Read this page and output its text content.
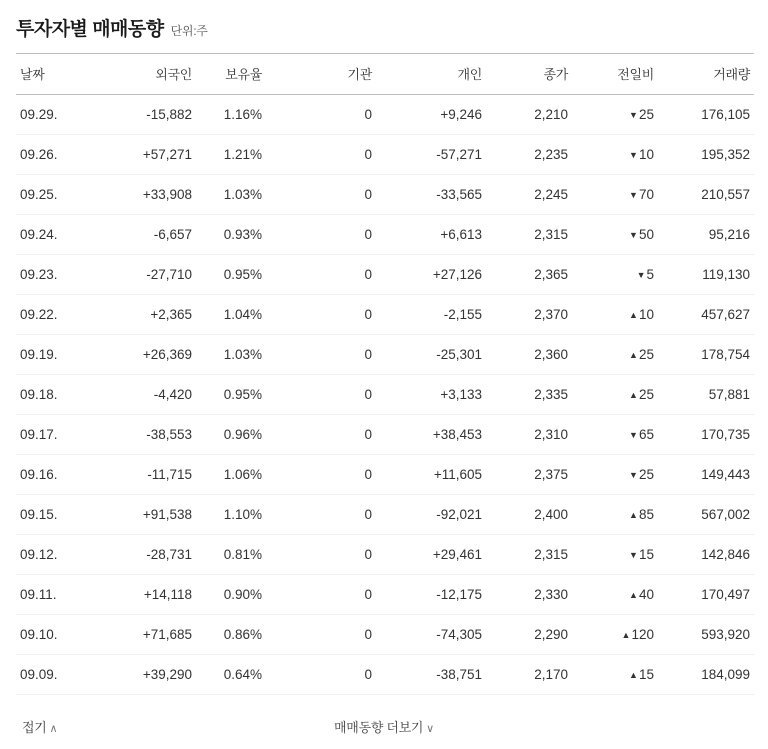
투자자별 매매동향 단위:주
날짜	외국인	보유율	기관	개인	종가	전일비	거래량
09.29.	-15,882	1.16%	0	+9,246	2,210	▼25	176,105
09.26.	+57,271	1.21%	0	-57,271	2,235	▼10	195,352
09.25.	+33,908	1.03%	0	-33,565	2,245	▼70	210,557
09.24.	-6,657	0.93%	0	+6,613	2,315	▼50	95,216
09.23.	-27,710	0.95%	0	+27,126	2,365	▼5	119,130
09.22.	+2,365	1.04%	0	-2,155	2,370	▲10	457,627
09.19.	+26,369	1.03%	0	-25,301	2,360	▲25	178,754
09.18.	-4,420	0.95%	0	+3,133	2,335	▲25	57,881
09.17.	-38,553	0.96%	0	+38,453	2,310	▼65	170,735
09.16.	-11,715	1.06%	0	+11,605	2,375	▼25	149,443
09.15.	+91,538	1.10%	0	-92,021	2,400	▲85	567,002
09.12.	-28,731	0.81%	0	+29,461	2,315	▼15	142,846
09.11.	+14,118	0.90%	0	-12,175	2,330	▲40	170,497
09.10.	+71,685	0.86%	0	-74,305	2,290	▲120	593,920
09.09.	+39,290	0.64%	0	-38,751	2,170	▲15	184,099
접기 ∧	매매동향 더보기 ∨
